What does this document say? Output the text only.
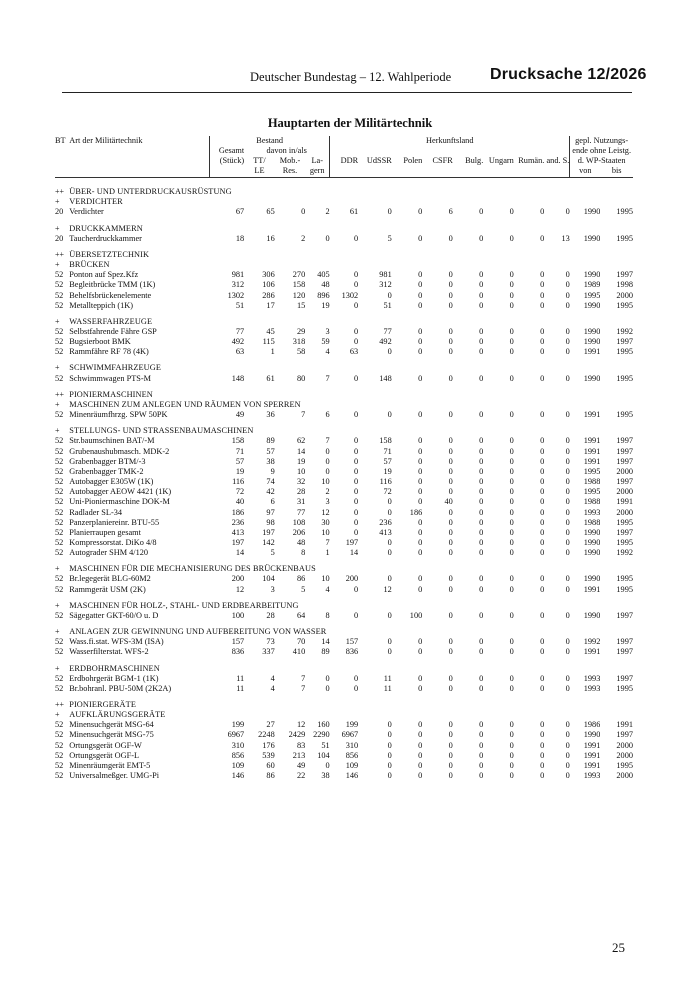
Deutscher Bundestag – 12. Wahlperiode Drucksache 12/2026
Hauptarten der Militärtechnik
BT	Art der Militärtechnik	Bestand				Herkunftsland								gepl. Nutzungs-	
		Gesamt	davon in/als											ende ohne Leistg.	
		(Stück)	TT/	Mob.-	La-	DDR	UdSSR	Polen	CSFR	Bulg.	Ungarn	Rumän.	and. S.	d. WP-Staaten	
			LE	Res.	gern									von	bis

++	ÜBER- UND UNTERDRUCKAUSRÜSTUNG														
+	VERDICHTER														
20	Verdichter	67	65	0	2	61	0	0	6	0	0	0	0	1990	1995

+	DRUCKKAMMERN														
20	Taucherdruckkammer	18	16	2	0	0	5	0	0	0	0	0	13	1990	1995

++	ÜBERSETZTECHNIK														
+	BRÜCKEN														
52	Ponton auf Spez.Kfz	981	306	270	405	0	981	0	0	0	0	0	0	1990	1997
52	Begleitbrücke TMM (1K)	312	106	158	48	0	312	0	0	0	0	0	0	1989	1998
52	Behelfsbrückenelemente	1302	286	120	896	1302	0	0	0	0	0	0	0	1995	2000
52	Metallteppich (1K)	51	17	15	19	0	51	0	0	0	0	0	0	1990	1995

+	WASSERFAHRZEUGE														
52	Selbstfahrende Fähre GSP	77	45	29	3	0	77	0	0	0	0	0	0	1990	1992
52	Bugsierboot BMK	492	115	318	59	0	492	0	0	0	0	0	0	1990	1997
52	Rammfähre RF 78 (4K)	63	1	58	4	63	0	0	0	0	0	0	0	1991	1995

+	SCHWIMMFAHRZEUGE														
52	Schwimmwagen PTS-M	148	61	80	7	0	148	0	0	0	0	0	0	1990	1995

++	PIONIERMASCHINEN														
+	MASCHINEN ZUM ANLEGEN UND RÄUMEN VON SPERREN														
52	Minenräumfhrzg. SPW 50PK	49	36	7	6	0	0	0	0	0	0	0	0	1991	1995

+	STELLUNGS- UND STRASSENBAUMASCHINEN														
52	Str.baumschinen BAT/-M	158	89	62	7	0	158	0	0	0	0	0	0	1991	1997
52	Grubenaushubmasch. MDK-2	71	57	14	0	0	71	0	0	0	0	0	0	1991	1997
52	Grabenbagger BTM/-3	57	38	19	0	0	57	0	0	0	0	0	0	1991	1997
52	Grabenbagger TMK-2	19	9	10	0	0	19	0	0	0	0	0	0	1995	2000
52	Autobagger E305W (1K)	116	74	32	10	0	116	0	0	0	0	0	0	1988	1997
52	Autobagger AEOW 4421 (1K)	72	42	28	2	0	72	0	0	0	0	0	0	1995	2000
52	Uni-Pioniermaschine DOK-M	40	6	31	3	0	0	0	40	0	0	0	0	1988	1991
52	Radlader SL-34	186	97	77	12	0	0	186	0	0	0	0	0	1993	2000
52	Panzerplaniereinr. BTU-55	236	98	108	30	0	236	0	0	0	0	0	0	1988	1995
52	Planierraupen gesamt	413	197	206	10	0	413	0	0	0	0	0	0	1990	1997
52	Kompressorstat. DiKo 4/8	197	142	48	7	197	0	0	0	0	0	0	0	1990	1995
52	Autograder SHM 4/120	14	5	8	1	14	0	0	0	0	0	0	0	1990	1992

+	MASCHINEN FÜR DIE MECHANISIERUNG DES BRÜCKENBAUS														
52	Br.legegerät BLG-60M2	200	104	86	10	200	0	0	0	0	0	0	0	1990	1995
52	Rammgerät USM (2K)	12	3	5	4	0	12	0	0	0	0	0	0	1991	1995

+	MASCHINEN FÜR HOLZ-, STAHL- UND ERDBEARBEITUNG														
52	Sägegatter GKT-60/O u. D	100	28	64	8	0	0	100	0	0	0	0	0	1990	1997

+	ANLAGEN ZUR GEWINNUNG UND AUFBEREITUNG VON WASSER														
52	Wass.fi.stat. WFS-3M (ISA)	157	73	70	14	157	0	0	0	0	0	0	0	1992	1997
52	Wasserfilterstat. WFS-2	836	337	410	89	836	0	0	0	0	0	0	0	1991	1997

+	ERDBOHRMASCHINEN														
52	Erdbohrgerät BGM-1 (1K)	11	4	7	0	0	11	0	0	0	0	0	0	1993	1997
52	Br.bohranl. PBU-50M (2K2A)	11	4	7	0	0	11	0	0	0	0	0	0	1993	1995

++	PIONIERGERÄTE														
+	AUFKLÄRUNGSGERÄTE														
52	Minensuchgerät MSG-64	199	27	12	160	199	0	0	0	0	0	0	0	1986	1991
52	Minensuchgerät MSG-75	6967	2248	2429	2290	6967	0	0	0	0	0	0	0	1990	1997
52	Ortungsgerät OGF-W	310	176	83	51	310	0	0	0	0	0	0	0	1991	2000
52	Ortungsgerät OGF-L	856	539	213	104	856	0	0	0	0	0	0	0	1991	2000
52	Minenräumgerät EMT-5	109	60	49	0	109	0	0	0	0	0	0	0	1991	1995
52	Universalmeßger. UMG-Pi	146	86	22	38	146	0	0	0	0	0	0	0	1993	2000
25
